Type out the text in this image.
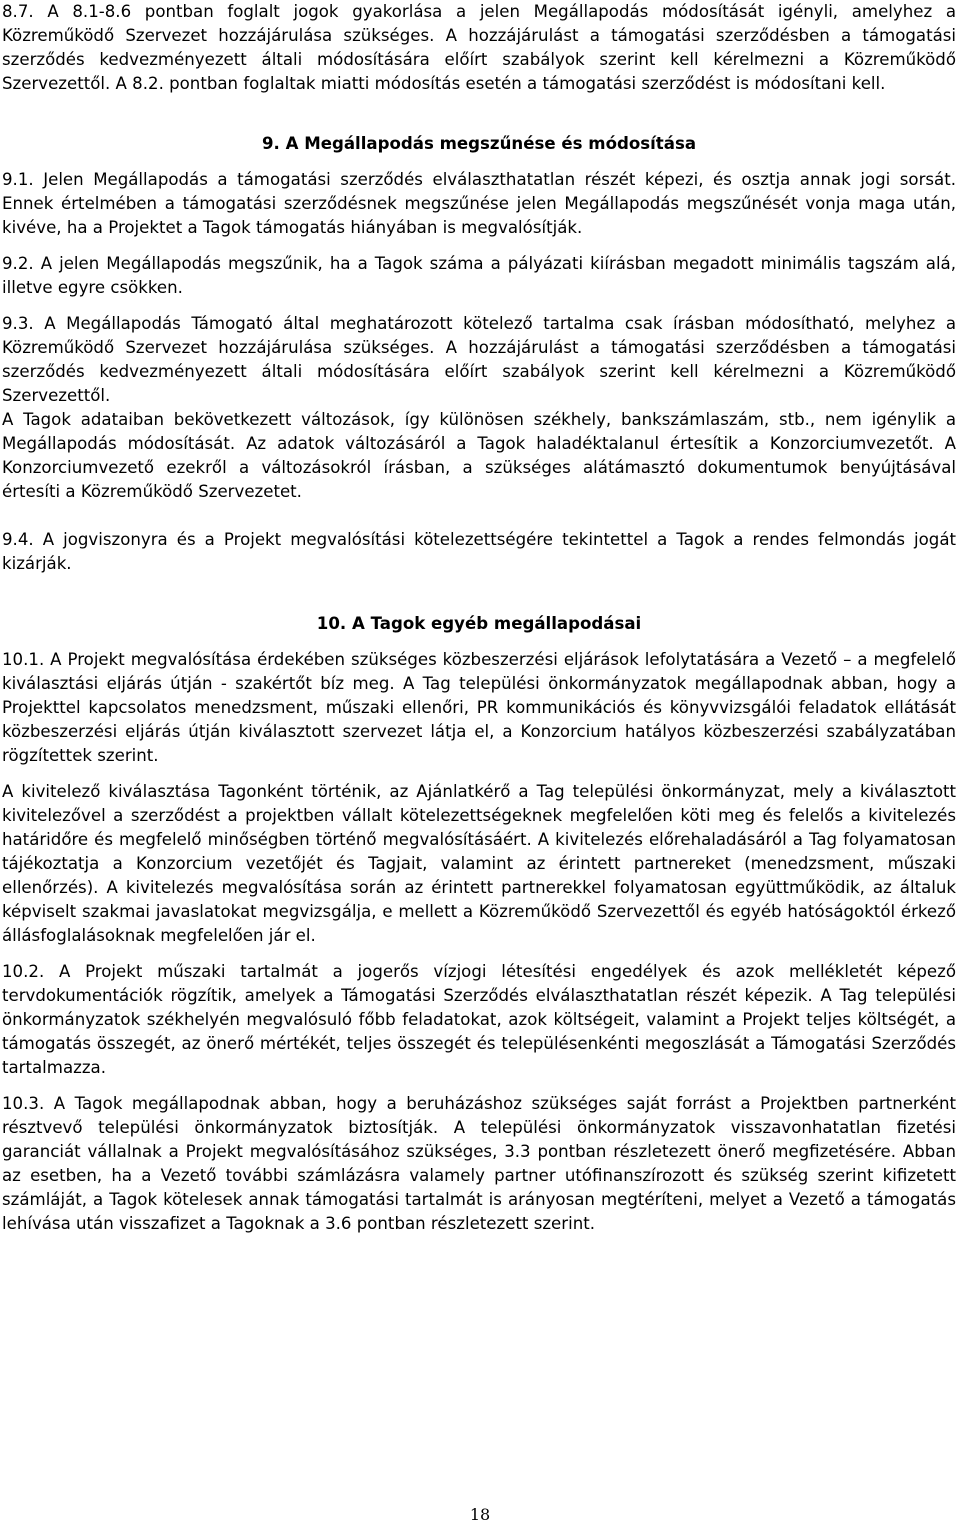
8.7. A 8.1-8.6 pontban foglalt jogok gyakorlása a jelen Megállapodás módosítását igényli, amelyhez a Közreműködő Szervezet hozzájárulása szükséges. A hozzájárulást a támogatási szerződésben a támogatási szerződés kedvezményezett általi módosítására előírt szabályok szerint kell kérelmezni a Közreműködő Szervezettől. A 8.2. pontban foglaltak miatti módosítás esetén a támogatási szerződést is módosítani kell.

9. A Megállapodás megszűnése és módosítása

9.1. Jelen Megállapodás a támogatási szerződés elválaszthatatlan részét képezi, és osztja annak jogi sorsát. Ennek értelmében a támogatási szerződésnek megszűnése jelen Megállapodás megszűnését vonja maga után, kivéve, ha a Projektet a Tagok támogatás hiányában is megvalósítják.

9.2. A jelen Megállapodás megszűnik, ha a Tagok száma a pályázati kiírásban megadott minimális tagszám alá, illetve egyre csökken.

9.3. A Megállapodás Támogató által meghatározott kötelező tartalma csak írásban módosítható, melyhez a Közreműködő Szervezet hozzájárulása szükséges. A hozzájárulást a támogatási szerződésben a támogatási szerződés kedvezményezett általi módosítására előírt szabályok szerint kell kérelmezni a Közreműködő Szervezettől.

A Tagok adataiban bekövetkezett változások, így különösen székhely, bankszámlaszám, stb., nem igénylik a Megállapodás módosítását. Az adatok változásáról a Tagok haladéktalanul értesítik a Konzorciumvezetőt. A Konzorciumvezető ezekről a változásokról írásban, a szükséges alátámasztó dokumentumok benyújtásával értesíti a Közreműködő Szervezetet.

9.4. A jogviszonyra és a Projekt megvalósítási kötelezettségére tekintettel a Tagok a rendes felmondás jogát kizárják.

10. A Tagok egyéb megállapodásai

10.1. A Projekt megvalósítása érdekében szükséges közbeszerzési eljárások lefolytatására a Vezető – a megfelelő kiválasztási eljárás útján - szakértőt bíz meg. A Tag települési önkormányzatok megállapodnak abban, hogy a Projekttel kapcsolatos menedzsment, műszaki ellenőri, PR kommunikációs és könyvvizsgálói feladatok ellátását közbeszerzési eljárás útján kiválasztott szervezet látja el, a Konzorcium hatályos közbeszerzési szabályzatában rögzítettek szerint.

A kivitelező kiválasztása Tagonként történik, az Ajánlatkérő a Tag települési önkormányzat, mely a kiválasztott kivitelezővel a szerződést a projektben vállalt kötelezettségeknek megfelelően köti meg és felelős a kivitelezés határidőre és megfelelő minőségben történő megvalósításáért. A kivitelezés előrehaladásáról a Tag folyamatosan tájékoztatja a Konzorcium vezetőjét és Tagjait, valamint az érintett partnereket (menedzsment, műszaki ellenőrzés). A kivitelezés megvalósítása során az érintett partnerekkel folyamatosan együttműködik, az általuk képviselt szakmai javaslatokat megvizsgálja, e mellett a Közreműködő Szervezettől és egyéb hatóságoktól érkező állásfoglalásoknak megfelelően jár el.

10.2. A Projekt műszaki tartalmát a jogerős vízjogi létesítési engedélyek és azok mellékletét képező tervdokumentációk rögzítik, amelyek a Támogatási Szerződés elválaszthatatlan részét képezik. A Tag települési önkormányzatok székhelyén megvalósuló főbb feladatokat, azok költségeit, valamint a Projekt teljes költségét, a támogatás összegét, az önerő mértékét, teljes összegét és településenkénti megoszlását a Támogatási Szerződés tartalmazza.

10.3. A Tagok megállapodnak abban, hogy a beruházáshoz szükséges saját forrást a Projektben partnerként résztvevő települési önkormányzatok biztosítják. A települési önkormányzatok visszavonhatatlan fizetési garanciát vállalnak a Projekt megvalósításához szükséges, 3.3 pontban részletezett önerő megfizetésére. Abban az esetben, ha a Vezető további számlázásra valamely partner utófinanszírozott és szükség szerint kifizetett számláját, a Tagok kötelesek annak támogatási tartalmát is arányosan megtéríteni, melyet a Vezető a támogatás lehívása után visszafizet a Tagoknak a 3.6 pontban részletezett szerint.

18
